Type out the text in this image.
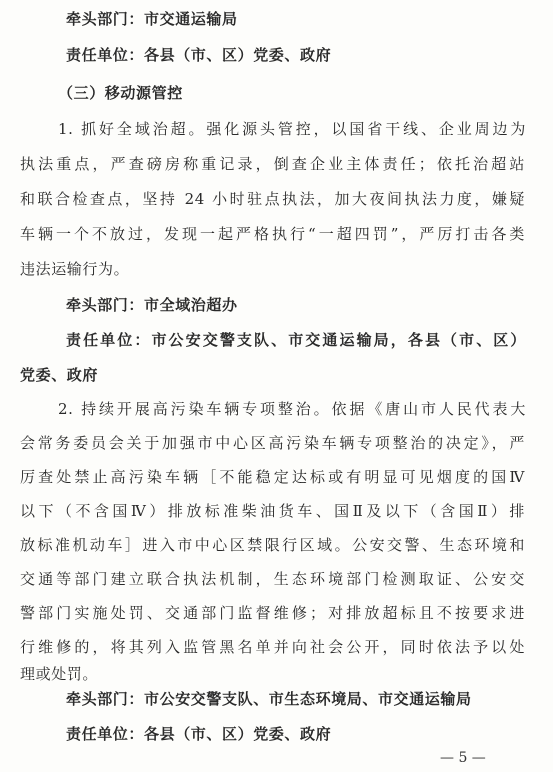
牵头部门：市交通运输局
责任单位：各县（市、区）党委、政府
（三）移动源管控
1. 抓好全域治超。强化源头管控，以国省干线、企业周边为
执法重点，严查磅房称重记录，倒查企业主体责任；依托治超站
和联合检查点，坚持 24 小时驻点执法，加大夜间执法力度，嫌疑
车辆一个不放过，发现一起严格执行“一超四罚”，严厉打击各类
违法运输行为。
牵头部门：市全域治超办
责任单位：市公安交警支队、市交通运输局，各县（市、区）
党委、政府
2. 持续开展高污染车辆专项整治。依据《唐山市人民代表大
会常务委员会关于加强市中心区高污染车辆专项整治的决定》，严
厉查处禁止高污染车辆［不能稳定达标或有明显可见烟度的国Ⅳ
以下（不含国Ⅳ）排放标准柴油货车、国Ⅱ及以下（含国Ⅱ）排
放标准机动车］进入市中心区禁限行区域。公安交警、生态环境和
交通等部门建立联合执法机制，生态环境部门检测取证、公安交
警部门实施处罚、交通部门监督维修；对排放超标且不按要求进
行维修的，将其列入监管黑名单并向社会公开，同时依法予以处
理或处罚。
— 5 —
牵头部门：市公安交警支队、市生态环境局、市交通运输局
责任单位：各县（市、区）党委、政府
